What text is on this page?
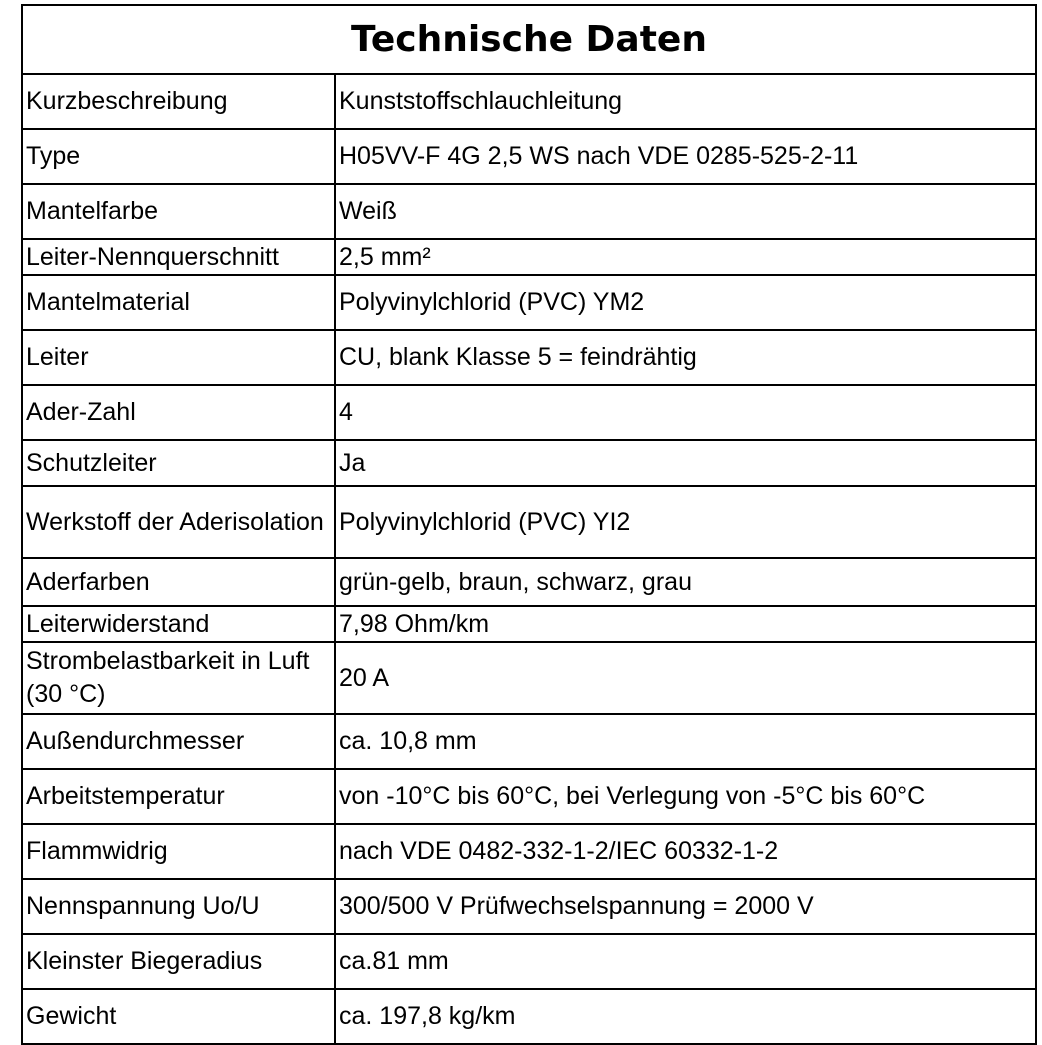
Technische Daten	
Kurzbeschreibung	Kunststoffschlauchleitung
Type	H05VV-F 4G 2,5 WS nach VDE 0285-525-2-11
Mantelfarbe	Weiß
Leiter-Nennquerschnitt	2,5 mm²
Mantelmaterial	Polyvinylchlorid (PVC) YM2
Leiter	CU, blank Klasse 5 = feindrähtig
Ader-Zahl	4
Schutzleiter	Ja
Werkstoff der Aderisolation	Polyvinylchlorid (PVC) YI2
Aderfarben	grün-gelb, braun, schwarz, grau
Leiterwiderstand	7,98 Ohm/km
Strombelastbarkeit in Luft (30 °C)	20 A
Außendurchmesser	ca. 10,8 mm
Arbeitstemperatur	von -10°C bis 60°C, bei Verlegung von -5°C bis 60°C
Flammwidrig	nach VDE 0482-332-1-2/IEC 60332-1-2
Nennspannung Uo/U	300/500 V Prüfwechselspannung = 2000 V
Kleinster Biegeradius	ca.81 mm
Gewicht	ca. 197,8 kg/km
